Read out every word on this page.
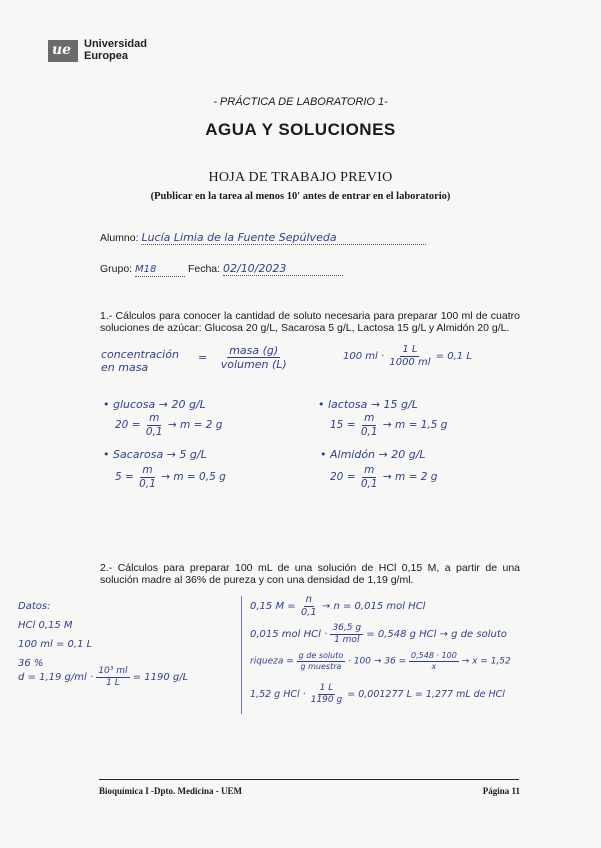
ue Universidad
Europea
- PRÁCTICA DE LABORATORIO 1-
AGUA Y SOLUCIONES
HOJA DE TRABAJO PREVIO
(Publicar en la tarea al menos 10' antes de entrar en el laboratorio)
Alumno: Lucía Limia de la Fuente Sepúlveda
Grupo: M18	Fecha: 02/10/2023
1.- Cálculos para conocer la cantidad de soluto necesaria para preparar 100 ml de cuatro soluciones de azúcar: Glucosa 20 g/L, Sacarosa 5 g/L, Lactosa 15 g/L y Almidón 20 g/L.
concentración
en masa
= $\frac{\text{masa (g)}}{\text{volumen (L)}}$	100 ml · $\frac{1 L}{1000 ml} = 0,1$ L
• glucosa → 20 g/L
$20 = \frac{m}{0,1} \to m = 2$ g
• lactosa → 15 g/L
$15 = \frac{m}{0,1} \to m = 1,5$ g
• Sacarosa → 5 g/L
$5 = \frac{m}{0,1} \to m = 0,5$ g
• Almidón → 20 g/L
$20 = \frac{m}{0,1} \to m = 2$ g
2.- Cálculos para preparar 100 mL de una solución de HCl 0,15 M, a partir de una solución madre al 36% de pureza y con una densidad de 1,19 g/ml.
Datos:
HCl 0,15 M
100 ml = 0,1 L
36 %
d = 1,19 $g/ml \cdot \frac{\text{10³ ml}}{1 L} = 1190$ g/L
0,15 $M = \frac{n}{0,1} \to n = 0,015$ mol HCl
0,015 mol HCl · $\frac{36,5 g}{\text{1 mol}} = 0,548$ g HCl → g de soluto
riqueza = $\frac{\text{g de soluto}}{\text{g muestra}} \cdot 100 \to 36 = \frac{0,548 \cdot 100}{x} \to x = 1,52$
1,52 g HCl · $\frac{1 L}{1190 g} = 0,001277$ L = 1,277 mL de HCl
Bioquímica I -Dpto. Medicina - UEM	Página 11
